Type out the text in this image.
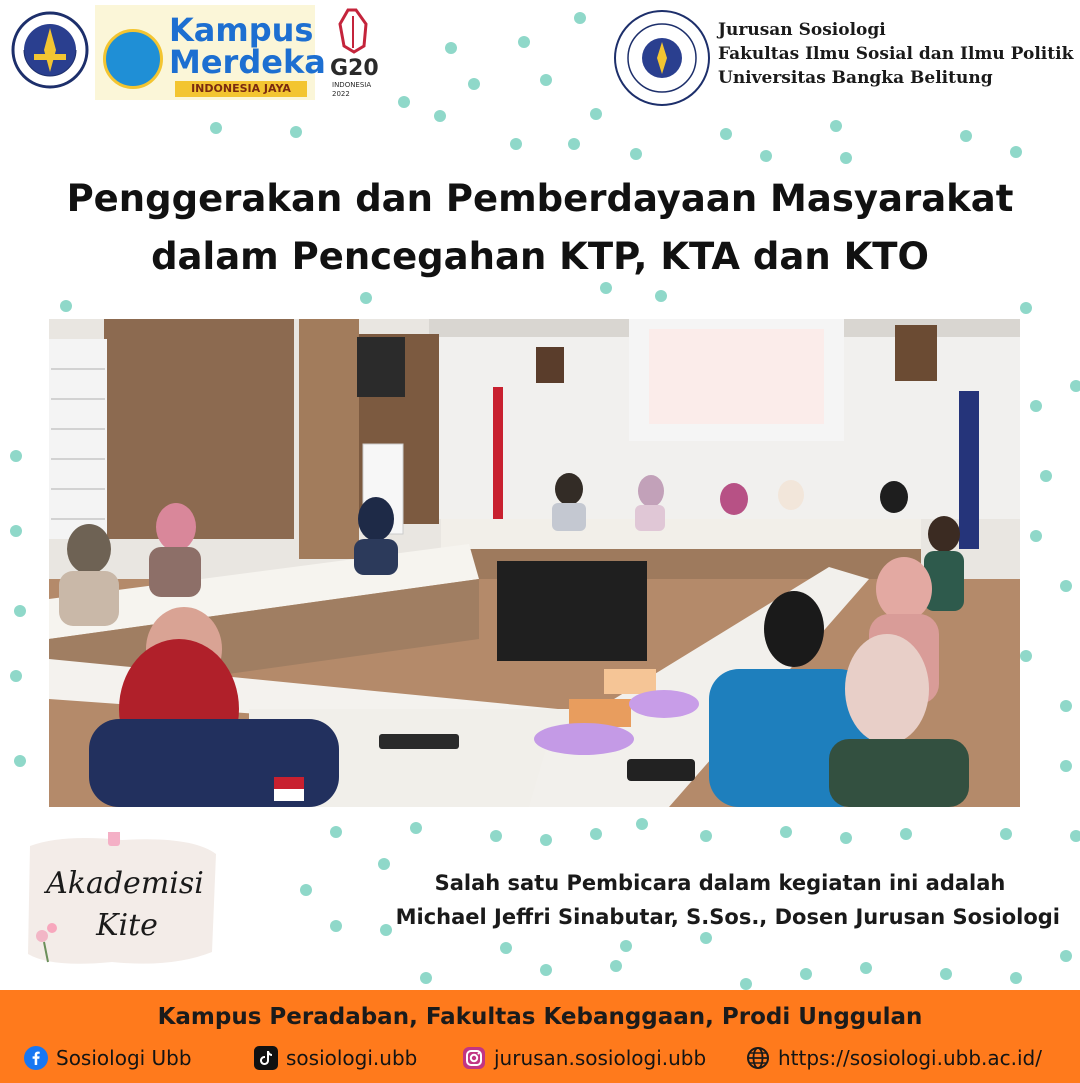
Kampus
Merdeka
INDONESIA JAYA
G20
INDONESIA
2022
Jurusan Sosiologi
Fakultas Ilmu Sosial dan Ilmu Politik
Universitas Bangka Belitung
Penggerakan dan Pemberdayaan Masyarakat
dalam Pencegahan KTP, KTA dan KTO
Akademisi
Kite
Salah satu Pembicara dalam kegiatan ini adalah
Michael Jeffri Sinabutar, S.Sos., Dosen Jurusan Sosiologi
Kampus Peradaban, Fakultas Kebanggaan, Prodi Unggulan
Sosiologi Ubb	sosiologi.ubb	jurusan.sosiologi.ubb	https://sosiologi.ubb.ac.id/
